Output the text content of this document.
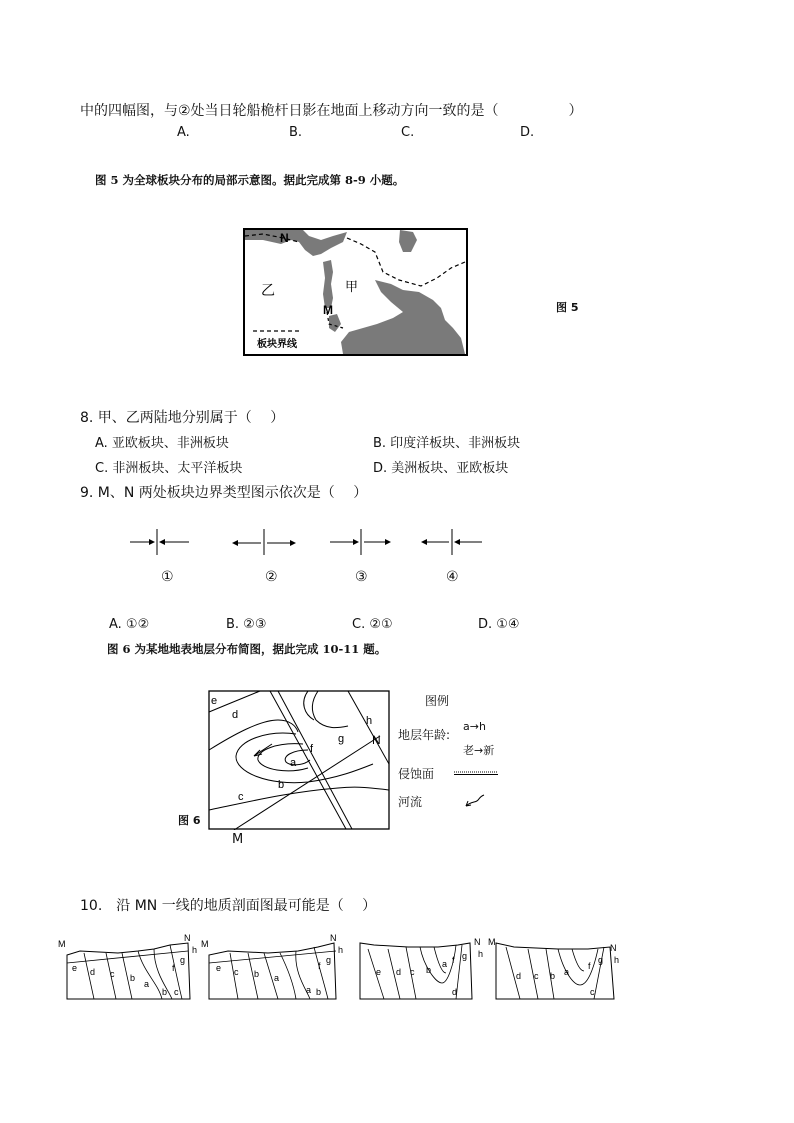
中的四幅图，与②处当日轮船桅杆日影在地面上移动方向一致的是（　　　　　）
A.	B.	C.	D.
图 5 为全球板块分布的局部示意图。据此完成第 8-9 小题。
N
M
甲
乙
板块界线
图 5
8. 甲、乙两陆地分别属于（　 ）
A. 亚欧板块、非洲板块	B. 印度洋板块、非洲板块
C. 非洲板块、太平洋板块	D. 美洲板块、亚欧板块
9. M、N 两处板块边界类型图示依次是（　 ）
①	②	③	④
A. ①②	B. ②③	C. ②①	D. ①④
图 6 为某地地表地层分布简图，据此完成 10-11 题。
e
d
c
b
a
f
g
h
N
M
图 6
图例
地层年龄:
a→h
老→新
侵蚀面
河流
10.　沿 MN 一线的地质剖面图最可能是（　 ）
M
N
h
e d c b
a
f
g
b c
M
N
h
e c b a
f
g
a b
N
h
e d c b
a f g
d
M
N
h
d c b a
f
g
c
